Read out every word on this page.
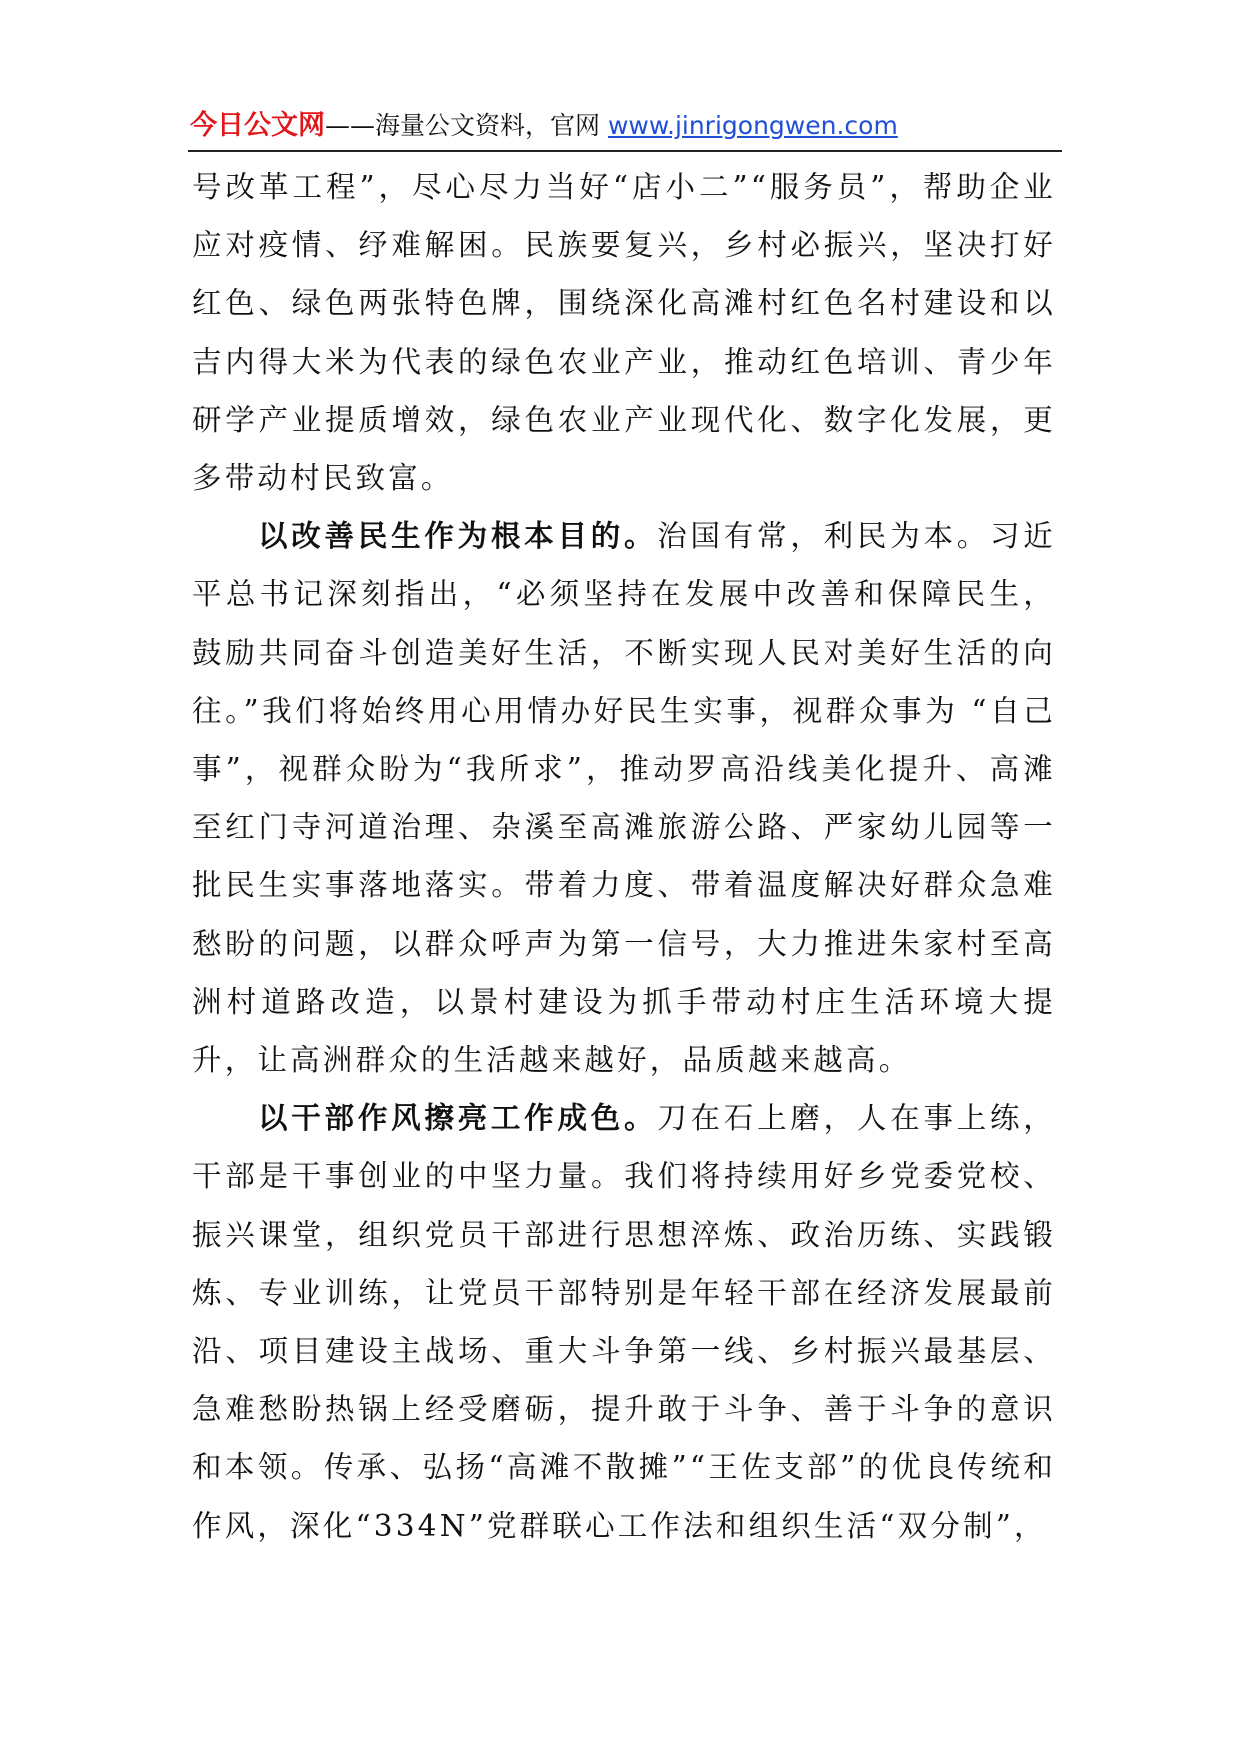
今日公文网——海量公文资料，官网 www.jinrigongwen.com

号改革工程”，尽心尽力当好“店小二”“服务员”，帮助企业应对疫情、纾难解困。民族要复兴，乡村必振兴，坚决打好红色、绿色两张特色牌，围绕深化高滩村红色名村建设和以吉内得大米为代表的绿色农业产业，推动红色培训、青少年研学产业提质增效，绿色农业产业现代化、数字化发展，更多带动村民致富。

以改善民生作为根本目的。治国有常，利民为本。习近平总书记深刻指出，“必须坚持在发展中改善和保障民生，鼓励共同奋斗创造美好生活，不断实现人民对美好生活的向往。”我们将始终用心用情办好民生实事，视群众事为 “自己事”，视群众盼为“我所求”，推动罗高沿线美化提升、高滩至红门寺河道治理、杂溪至高滩旅游公路、严家幼儿园等一批民生实事落地落实。带着力度、带着温度解决好群众急难愁盼的问题，以群众呼声为第一信号，大力推进朱家村至高洲村道路改造，以景村建设为抓手带动村庄生活环境大提升，让高洲群众的生活越来越好，品质越来越高。

以干部作风擦亮工作成色。刀在石上磨，人在事上练，干部是干事创业的中坚力量。我们将持续用好乡党委党校、振兴课堂，组织党员干部进行思想淬炼、政治历练、实践锻炼、专业训练，让党员干部特别是年轻干部在经济发展最前沿、项目建设主战场、重大斗争第一线、乡村振兴最基层、急难愁盼热锅上经受磨砺，提升敢于斗争、善于斗争的意识和本领。传承、弘扬“高滩不散摊”“王佐支部”的优良传统和作风，深化“334N”党群联心工作法和组织生活“双分制”，
